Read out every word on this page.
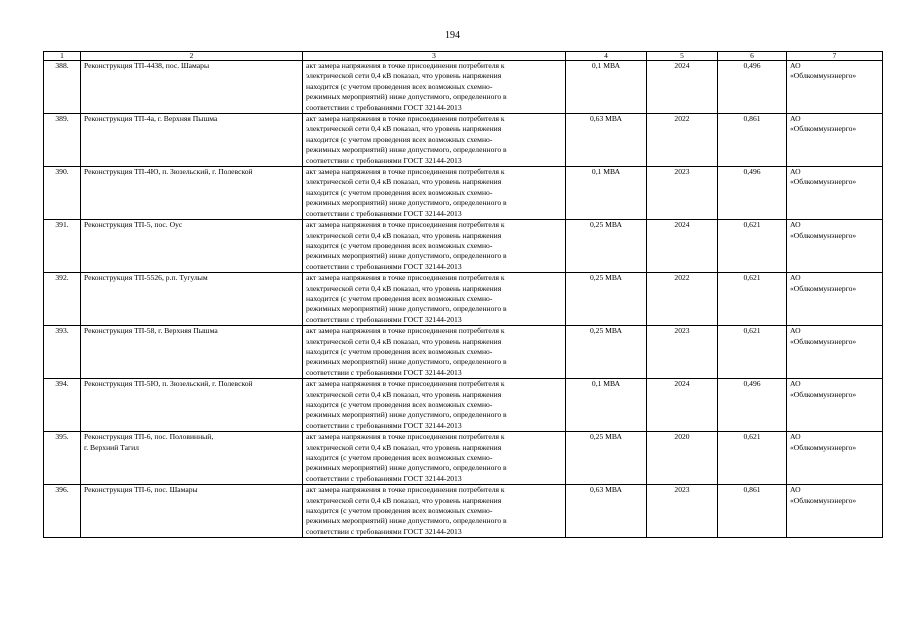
194
1	2	3	4	5	6	7
388.	Реконструкция ТП-4438, пос. Шамары	акт замера напряжения в точке присоединения потребителя к
электрической сети 0,4 кВ показал, что уровень напряжения
находится (с учетом проведения всех возможных схемно-
режимных мероприятий) ниже допустимого, определенного в
соответствии с требованиями ГОСТ 32144-2013	0,1 МВА	2024	0,496	АО
«Облкоммунэнерго»
389.	Реконструкция ТП-4а, г. Верхняя Пышма	акт замера напряжения в точке присоединения потребителя к
электрической сети 0,4 кВ показал, что уровень напряжения
находится (с учетом проведения всех возможных схемно-
режимных мероприятий) ниже допустимого, определенного в
соответствии с требованиями ГОСТ 32144-2013	0,63 МВА	2022	0,861	АО
«Облкоммунэнерго»
390.	Реконструкция ТП-4Ю, п. Зюзельский, г. Полевской	акт замера напряжения в точке присоединения потребителя к
электрической сети 0,4 кВ показал, что уровень напряжения
находится (с учетом проведения всех возможных схемно-
режимных мероприятий) ниже допустимого, определенного в
соответствии с требованиями ГОСТ 32144-2013	0,1 МВА	2023	0,496	АО
«Облкоммунэнерго»
391.	Реконструкция ТП-5, пос. Оус	акт замера напряжения в точке присоединения потребителя к
электрической сети 0,4 кВ показал, что уровень напряжения
находится (с учетом проведения всех возможных схемно-
режимных мероприятий) ниже допустимого, определенного в
соответствии с требованиями ГОСТ 32144-2013	0,25 МВА	2024	0,621	АО
«Облкоммунэнерго»
392.	Реконструкция ТП-5526, р.п. Тугулым	акт замера напряжения в точке присоединения потребителя к
электрической сети 0,4 кВ показал, что уровень напряжения
находится (с учетом проведения всех возможных схемно-
режимных мероприятий) ниже допустимого, определенного в
соответствии с требованиями ГОСТ 32144-2013	0,25 МВА	2022	0,621	АО
«Облкоммунэнерго»
393.	Реконструкция ТП-58, г. Верхняя Пышма	акт замера напряжения в точке присоединения потребителя к
электрической сети 0,4 кВ показал, что уровень напряжения
находится (с учетом проведения всех возможных схемно-
режимных мероприятий) ниже допустимого, определенного в
соответствии с требованиями ГОСТ 32144-2013	0,25 МВА	2023	0,621	АО
«Облкоммунэнерго»
394.	Реконструкция ТП-5Ю, п. Зюзельский, г. Полевской	акт замера напряжения в точке присоединения потребителя к
электрической сети 0,4 кВ показал, что уровень напряжения
находится (с учетом проведения всех возможных схемно-
режимных мероприятий) ниже допустимого, определенного в
соответствии с требованиями ГОСТ 32144-2013	0,1 МВА	2024	0,496	АО
«Облкоммунэнерго»
395.	Реконструкция ТП-6, пос. Половинный,
г. Верхний Тагил	акт замера напряжения в точке присоединения потребителя к
электрической сети 0,4 кВ показал, что уровень напряжения
находится (с учетом проведения всех возможных схемно-
режимных мероприятий) ниже допустимого, определенного в
соответствии с требованиями ГОСТ 32144-2013	0,25 МВА	2020	0,621	АО
«Облкоммунэнерго»
396.	Реконструкция ТП-6, пос. Шамары	акт замера напряжения в точке присоединения потребителя к
электрической сети 0,4 кВ показал, что уровень напряжения
находится (с учетом проведения всех возможных схемно-
режимных мероприятий) ниже допустимого, определенного в
соответствии с требованиями ГОСТ 32144-2013	0,63 МВА	2023	0,861	АО
«Облкоммунэнерго»
